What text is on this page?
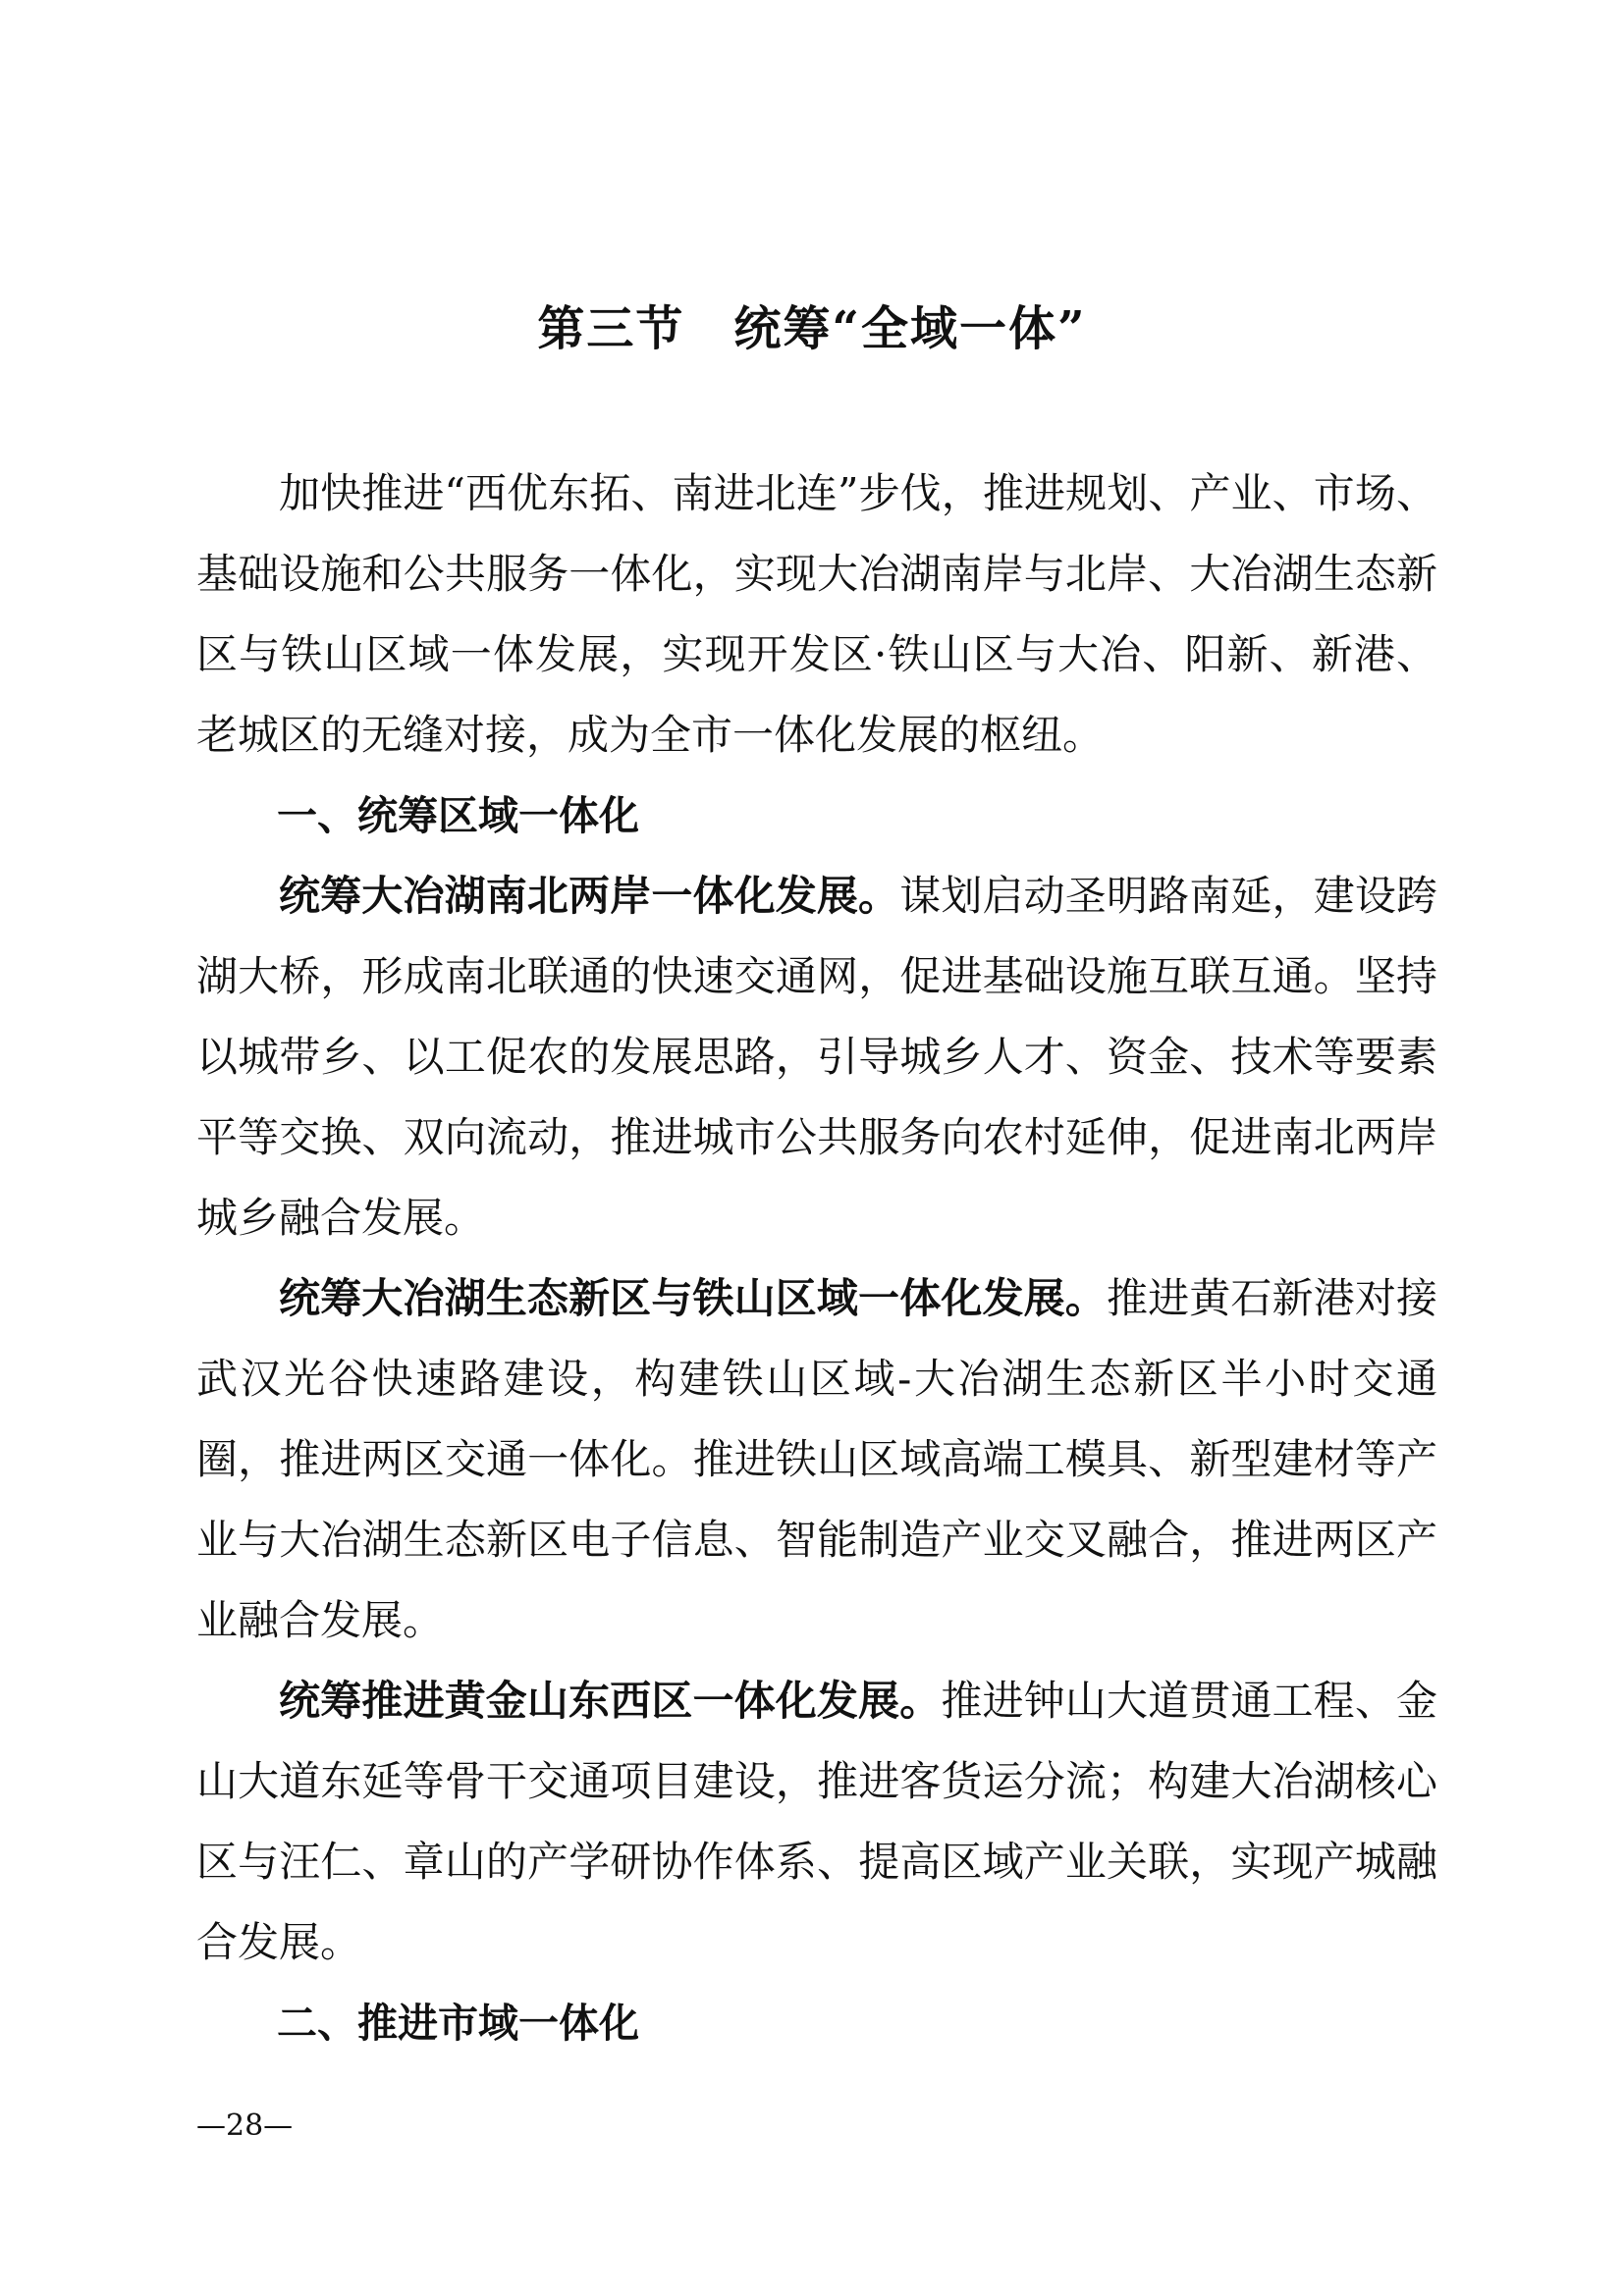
第三节　统筹“全域一体”

加快推进“西优东拓、南进北连”步伐，推进规划、产业、市场、基础设施和公共服务一体化，实现大冶湖南岸与北岸、大冶湖生态新区与铁山区域一体发展，实现开发区·铁山区与大冶、阳新、新港、老城区的无缝对接，成为全市一体化发展的枢纽。

一、统筹区域一体化

统筹大冶湖南北两岸一体化发展。谋划启动圣明路南延，建设跨湖大桥，形成南北联通的快速交通网，促进基础设施互联互通。坚持以城带乡、以工促农的发展思路，引导城乡人才、资金、技术等要素平等交换、双向流动，推进城市公共服务向农村延伸，促进南北两岸城乡融合发展。

统筹大冶湖生态新区与铁山区域一体化发展。推进黄石新港对接武汉光谷快速路建设，构建铁山区域-大冶湖生态新区半小时交通圈，推进两区交通一体化。推进铁山区域高端工模具、新型建材等产业与大冶湖生态新区电子信息、智能制造产业交叉融合，推进两区产业融合发展。

统筹推进黄金山东西区一体化发展。推进钟山大道贯通工程、金山大道东延等骨干交通项目建设，推进客货运分流；构建大冶湖核心区与汪仁、章山的产学研协作体系、提高区域产业关联，实现产城融合发展。

二、推进市域一体化

—28—
